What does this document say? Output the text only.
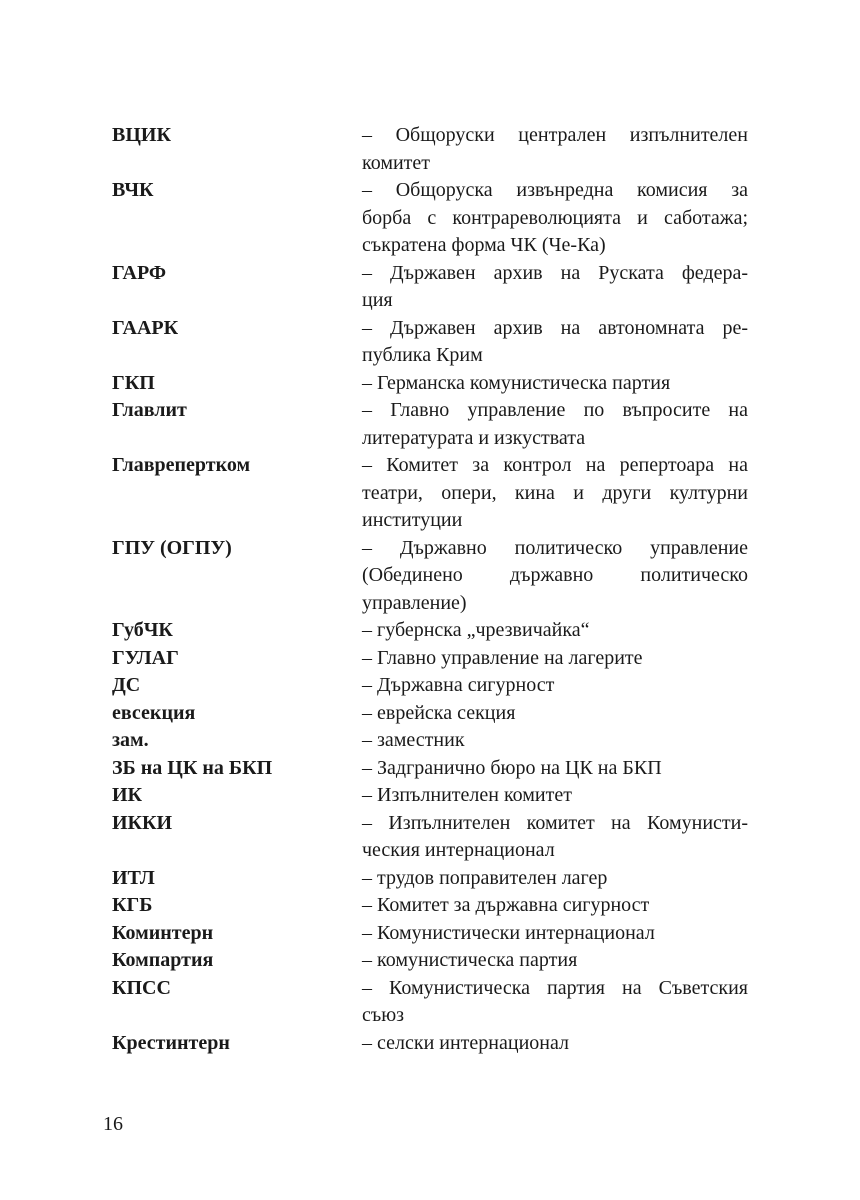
ВЦИК	– Общоруски централен изпълнителен
комитет
ВЧК	– Общоруска извънредна комисия за
борба с контрареволюцията и саботажа;
съкратена форма ЧК (Че-Ка)
ГАРФ	– Държавен архив на Руската федера-
ция
ГААРК	– Държавен архив на автономната ре-
публика Крим
ГКП	– Германска комунистическа партия
Главлит	– Главно управление по въпросите на
литературата и изкуствата
Главрепертком	– Комитет за контрол на репертоара на
театри, опери, кина и други културни
институции
ГПУ (ОГПУ)	– Държавно политическо управление
(Обединено държавно политическо
управление)
ГубЧК	– губернска „чрезвичайка“
ГУЛАГ	– Главно управление на лагерите
ДС	– Държавна сигурност
евсекция	– еврейска секция
зам.	– заместник
ЗБ на ЦК на БКП	– Задгранично бюро на ЦК на БКП
ИК	– Изпълнителен комитет
ИККИ	– Изпълнителен комитет на Комунисти-
ческия интернационал
ИТЛ	– трудов поправителен лагер
КГБ	– Комитет за държавна сигурност
Коминтерн	– Комунистически интернационал
Компартия	– комунистическа партия
КПСС	– Комунистическа партия на Съветския
съюз
Крестинтерн	– селски интернационал
16
